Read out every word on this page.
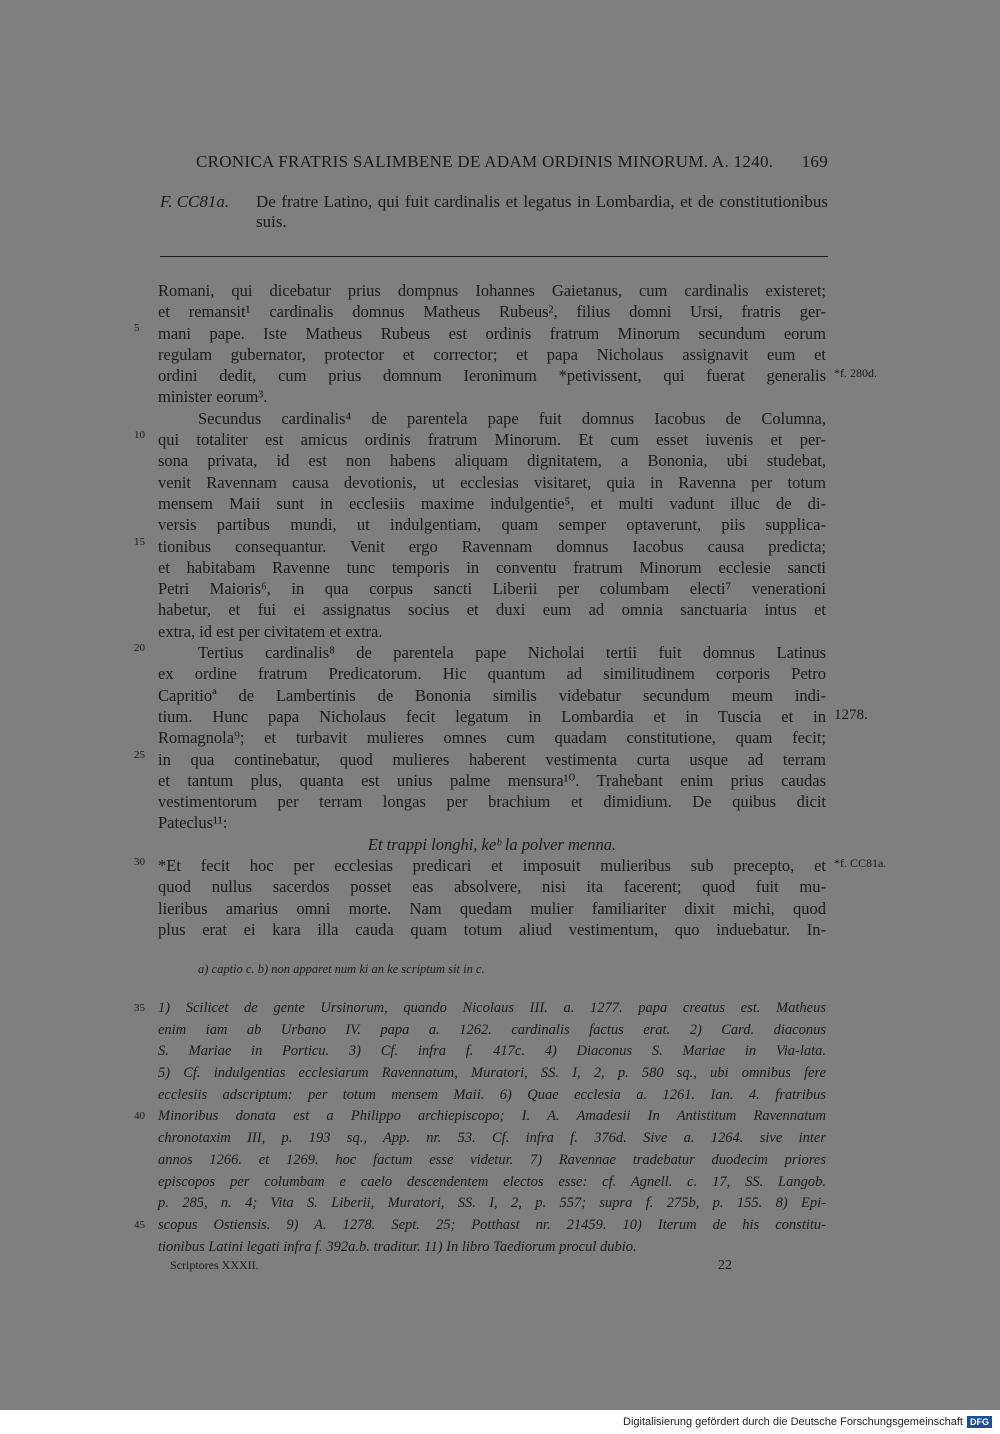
CRONICA FRATRIS SALIMBENE DE ADAM ORDINIS MINORUM. A. 1240. 169
F. CC81a. De fratre Latino, qui fuit cardinalis et legatus in Lombardia, et de constitutionibus suis.
Romani, qui dicebatur prius dompnus Iohannes Gaietanus, cum cardinalis existeret;
et remansit¹ cardinalis domnus Matheus Rubeus², filius domni Ursi, fratris ger-
mani pape. Iste Matheus Rubeus est ordinis fratrum Minorum secundum eorum
regulam gubernator, protector et corrector; et papa Nicholaus assignavit eum et
ordini dedit, cum prius domnum Ieronimum *petivissent, qui fuerat generalis
minister eorum³.
Secundus cardinalis⁴ de parentela pape fuit domnus Iacobus de Columna,
qui totaliter est amicus ordinis fratrum Minorum. Et cum esset iuvenis et per-
sona privata, id est non habens aliquam dignitatem, a Bononia, ubi studebat,
venit Ravennam causa devotionis, ut ecclesias visitaret, quia in Ravenna per totum
mensem Maii sunt in ecclesiis maxime indulgentie⁵, et multi vadunt illuc de di-
versis partibus mundi, ut indulgentiam, quam semper optaverunt, piis supplica-
tionibus consequantur. Venit ergo Ravennam domnus Iacobus causa predicta;
et habitabam Ravenne tunc temporis in conventu fratrum Minorum ecclesie sancti
Petri Maioris⁶, in qua corpus sancti Liberii per columbam electi⁷ venerationi
habetur, et fui ei assignatus socius et duxi eum ad omnia sanctuaria intus et
extra, id est per civitatem et extra.
Tertius cardinalis⁸ de parentela pape Nicholai tertii fuit domnus Latinus
ex ordine fratrum Predicatorum. Hic quantum ad similitudinem corporis Petro
Capritioª de Lambertinis de Bononia similis videbatur secundum meum indi-
tium. Hunc papa Nicholaus fecit legatum in Lombardia et in Tuscia et in
Romagnola⁹; et turbavit mulieres omnes cum quadam constitutione, quam fecit;
in qua continebatur, quod mulieres haberent vestimenta curta usque ad terram
et tantum plus, quanta est unius palme mensura¹⁰. Trahebant enim prius caudas
vestimentorum per terram longas per brachium et dimidium. De quibus dicit
Pateclus¹¹:
Et trappi longhi, keᵇ la polver menna.
*Et fecit hoc per ecclesias predicari et imposuit mulieribus sub precepto, et
quod nullus sacerdos posset eas absolvere, nisi ita facerent; quod fuit mu-
lieribus amarius omni morte. Nam quedam mulier familiariter dixit michi, quod
plus erat ei kara illa cauda quam totum aliud vestimentum, quo induebatur. In-
5
10
15
20
25
30
*f. 280d.
1278.
*f. CC81a.
a) captio c. b) non apparet num ki an ke scriptum sit in c.
1) Scilicet de gente Ursinorum, quando Nicolaus III. a. 1277. papa creatus est. Matheus
enim iam ab Urbano IV. papa a. 1262. cardinalis factus erat. 2) Card. diaconus
S. Mariae in Porticu. 3) Cf. infra f. 417c. 4) Diaconus S. Mariae in Via-lata.
5) Cf. indulgentias ecclesiarum Ravennatum, Muratori, SS. I, 2, p. 580 sq., ubi omnibus fere
ecclesiis adscriptum: per totum mensem Maii. 6) Quae ecclesia a. 1261. Ian. 4. fratribus
Minoribus donata est a Philippo archiepiscopo; I. A. Amadesii In Antistitum Ravennatum
chronotaxim III, p. 193 sq., App. nr. 53. Cf. infra f. 376d. Sive a. 1264. sive inter
annos 1266. et 1269. hoc factum esse videtur. 7) Ravennae tradebatur duodecim priores
episcopos per columbam e caelo descendentem electos esse: cf. Agnell. c. 17, SS. Langob.
p. 285, n. 4; Vita S. Liberii, Muratori, SS. I, 2, p. 557; supra f. 275b, p. 155. 8) Epi-
scopus Ostiensis. 9) A. 1278. Sept. 25; Potthast nr. 21459. 10) Iterum de his constitu-
tionibus Latini legati infra f. 392a.b. traditur. 11) In libro Taediorum procul dubio.
35
40
45
Scriptores XXXII.	22
Digitalisierung gefördert durch die Deutsche Forschungsgemeinschaft DFG
